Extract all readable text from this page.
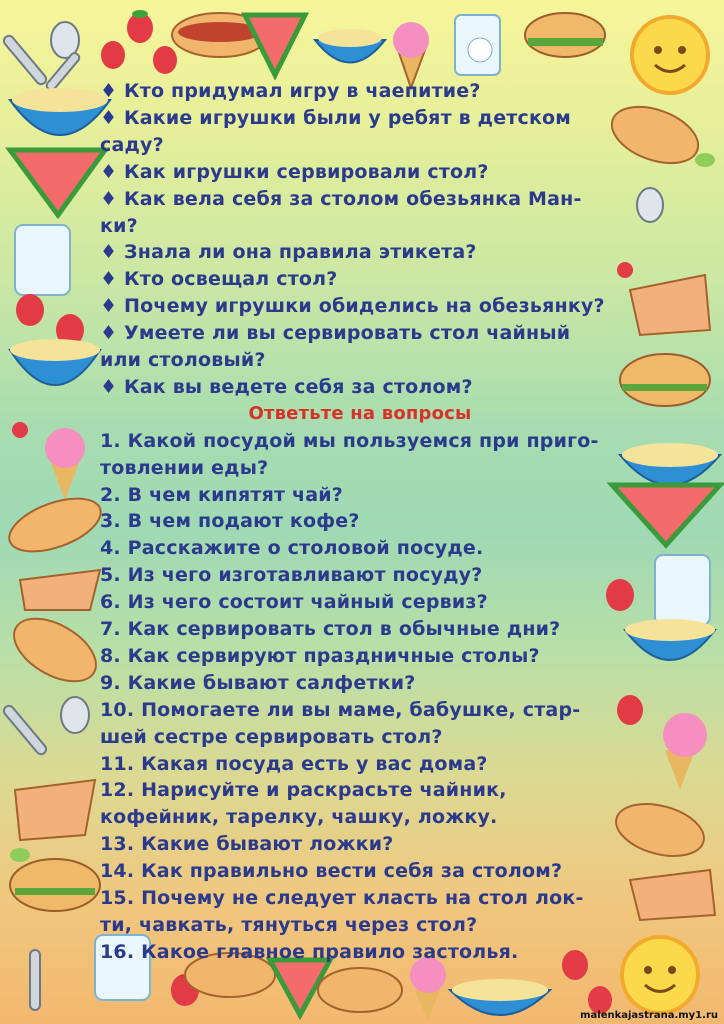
♦ Кто придумал игру в чаепитие?
♦ Какие игрушки были у ребят в детском
саду?
♦ Как игрушки сервировали стол?
♦ Как вела себя за столом обезьянка Ман-
ки?
♦ Знала ли она правила этикета?
♦ Кто освещал стол?
♦ Почему игрушки обиделись на обезьянку?
♦ Умеете ли вы сервировать стол чайный
или столовый?
♦ Как вы ведете себя за столом?
Ответьте на вопросы
1. Какой посудой мы пользуемся при приго-
товлении еды?
2. В чем кипятят чай?
3. В чем подают кофе?
4. Расскажите о столовой посуде.
5. Из чего изготавливают посуду?
6. Из чего состоит чайный сервиз?
7. Как сервировать стол в обычные дни?
8. Как сервируют праздничные столы?
9. Какие бывают салфетки?
10. Помогаете ли вы маме, бабушке, стар-
шей сестре сервировать стол?
11. Какая посуда есть у вас дома?
12. Нарисуйте и раскрасьте чайник,
кофейник, тарелку, чашку, ложку.
13. Какие бывают ложки?
14. Как правильно вести себя за столом?
15. Почему не следует класть на стол лок-
ти, чавкать, тянуться через стол?
16. Какое главное правило застолья.
malenkajastrana.my1.ru
